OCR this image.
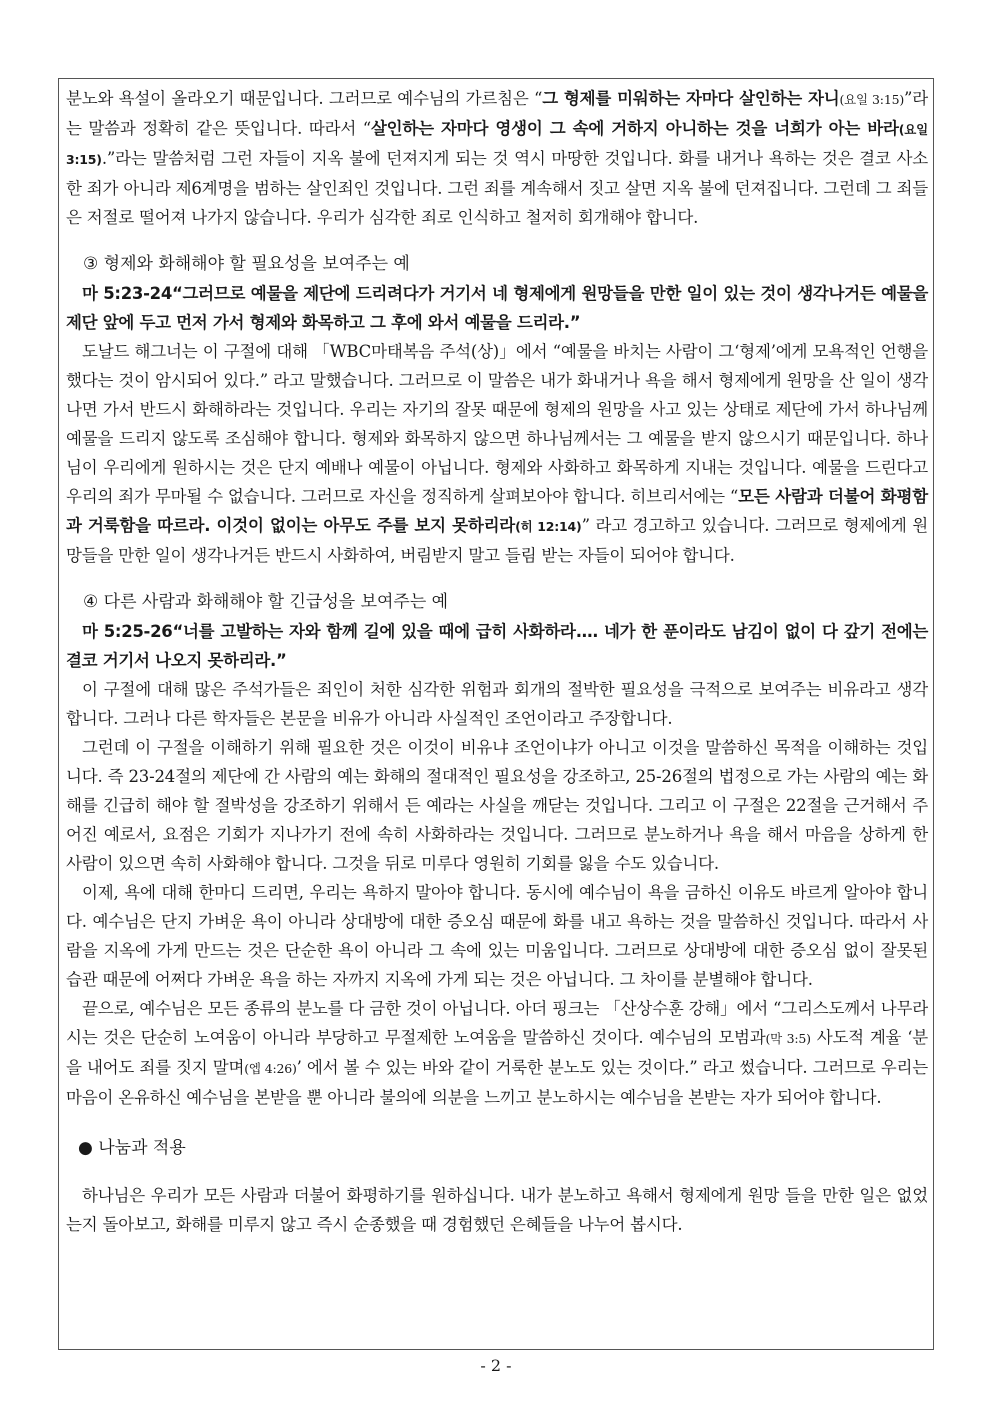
분노와 욕설이 올라오기 때문입니다. 그러므로 예수님의 가르침은 “그 형제를 미워하는 자마다 살인하는 자니(요일 3:15)”라는 말씀과 정확히 같은 뜻입니다. 따라서 “살인하는 자마다 영생이 그 속에 거하지 아니하는 것을 너희가 아는 바라(요일 3:15).”라는 말씀처럼 그런 자들이 지옥 불에 던져지게 되는 것 역시 마땅한 것입니다. 화를 내거나 욕하는 것은 결코 사소한 죄가 아니라 제6계명을 범하는 살인죄인 것입니다. 그런 죄를 계속해서 짓고 살면 지옥 불에 던져집니다. 그런데 그 죄들은 저절로 떨어져 나가지 않습니다. 우리가 심각한 죄로 인식하고 철저히 회개해야 합니다.

③ 형제와 화해해야 할 필요성을 보여주는 예

마 5:23-24“그러므로 예물을 제단에 드리려다가 거기서 네 형제에게 원망들을 만한 일이 있는 것이 생각나거든 예물을 제단 앞에 두고 먼저 가서 형제와 화목하고 그 후에 와서 예물을 드리라.”

도날드 해그너는 이 구절에 대해 「WBC마태복음 주석(상)」에서 “예물을 바치는 사람이 그‘형제’에게 모욕적인 언행을 했다는 것이 암시되어 있다.” 라고 말했습니다. 그러므로 이 말씀은 내가 화내거나 욕을 해서 형제에게 원망을 산 일이 생각나면 가서 반드시 화해하라는 것입니다. 우리는 자기의 잘못 때문에 형제의 원망을 사고 있는 상태로 제단에 가서 하나님께 예물을 드리지 않도록 조심해야 합니다. 형제와 화목하지 않으면 하나님께서는 그 예물을 받지 않으시기 때문입니다. 하나님이 우리에게 원하시는 것은 단지 예배나 예물이 아닙니다. 형제와 사화하고 화목하게 지내는 것입니다. 예물을 드린다고 우리의 죄가 무마될 수 없습니다. 그러므로 자신을 정직하게 살펴보아야 합니다. 히브리서에는 “모든 사람과 더불어 화평함과 거룩함을 따르라. 이것이 없이는 아무도 주를 보지 못하리라(히 12:14)” 라고 경고하고 있습니다. 그러므로 형제에게 원망들을 만한 일이 생각나거든 반드시 사화하여, 버림받지 말고 들림 받는 자들이 되어야 합니다.

④ 다른 사람과 화해해야 할 긴급성을 보여주는 예

마 5:25-26“너를 고발하는 자와 함께 길에 있을 때에 급히 사화하라.… 네가 한 푼이라도 남김이 없이 다 갚기 전에는 결코 거기서 나오지 못하리라.”

이 구절에 대해 많은 주석가들은 죄인이 처한 심각한 위험과 회개의 절박한 필요성을 극적으로 보여주는 비유라고 생각합니다. 그러나 다른 학자들은 본문을 비유가 아니라 사실적인 조언이라고 주장합니다.

그런데 이 구절을 이해하기 위해 필요한 것은 이것이 비유냐 조언이냐가 아니고 이것을 말씀하신 목적을 이해하는 것입니다. 즉 23-24절의 제단에 간 사람의 예는 화해의 절대적인 필요성을 강조하고, 25-26절의 법정으로 가는 사람의 예는 화해를 긴급히 해야 할 절박성을 강조하기 위해서 든 예라는 사실을 깨닫는 것입니다. 그리고 이 구절은 22절을 근거해서 주어진 예로서, 요점은 기회가 지나가기 전에 속히 사화하라는 것입니다. 그러므로 분노하거나 욕을 해서 마음을 상하게 한 사람이 있으면 속히 사화해야 합니다. 그것을 뒤로 미루다 영원히 기회를 잃을 수도 있습니다.

이제, 욕에 대해 한마디 드리면, 우리는 욕하지 말아야 합니다. 동시에 예수님이 욕을 금하신 이유도 바르게 알아야 합니다. 예수님은 단지 가벼운 욕이 아니라 상대방에 대한 증오심 때문에 화를 내고 욕하는 것을 말씀하신 것입니다. 따라서 사람을 지옥에 가게 만드는 것은 단순한 욕이 아니라 그 속에 있는 미움입니다. 그러므로 상대방에 대한 증오심 없이 잘못된 습관 때문에 어쩌다 가벼운 욕을 하는 자까지 지옥에 가게 되는 것은 아닙니다. 그 차이를 분별해야 합니다.

끝으로, 예수님은 모든 종류의 분노를 다 금한 것이 아닙니다. 아더 핑크는 「산상수훈 강해」에서 “그리스도께서 나무라시는 것은 단순히 노여움이 아니라 부당하고 무절제한 노여움을 말씀하신 것이다. 예수님의 모범과(막 3:5) 사도적 계율 ‘분을 내어도 죄를 짓지 말며(엡 4:26)’ 에서 볼 수 있는 바와 같이 거룩한 분노도 있는 것이다.” 라고 썼습니다. 그러므로 우리는 마음이 온유하신 예수님을 본받을 뿐 아니라 불의에 의분을 느끼고 분노하시는 예수님을 본받는 자가 되어야 합니다.

● 나눔과 적용

하나님은 우리가 모든 사람과 더불어 화평하기를 원하십니다. 내가 분노하고 욕해서 형제에게 원망 들을 만한 일은 없었는지 돌아보고, 화해를 미루지 않고 즉시 순종했을 때 경험했던 은혜들을 나누어 봅시다.

- 2 -
